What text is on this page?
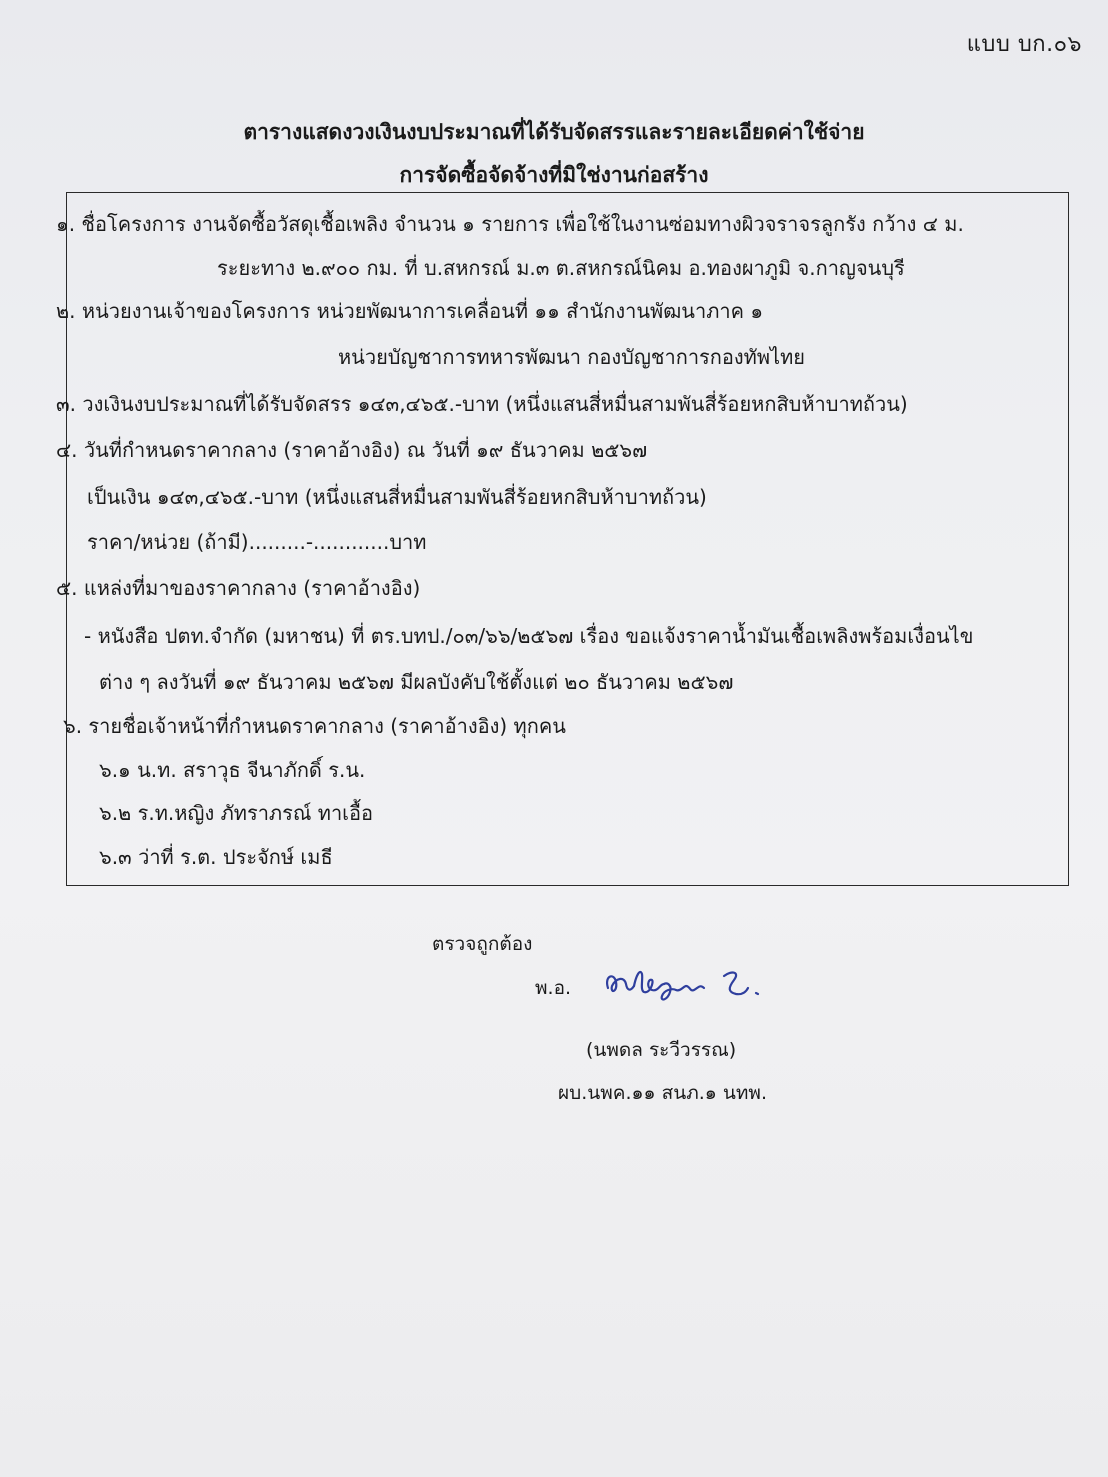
แบบ บก.๐๖
ตารางแสดงวงเงินงบประมาณที่ได้รับจัดสรรและรายละเอียดค่าใช้จ่าย
การจัดซื้อจัดจ้างที่มิใช่งานก่อสร้าง
๑. ชื่อโครงการ งานจัดซื้อวัสดุเชื้อเพลิง จำนวน ๑ รายการ เพื่อใช้ในงานซ่อมทางผิวจราจรลูกรัง กว้าง ๔ ม.
ระยะทาง ๒.๙๐๐ กม. ที่ บ.สหกรณ์ ม.๓ ต.สหกรณ์นิคม อ.ทองผาภูมิ จ.กาญจนบุรี
๒. หน่วยงานเจ้าของโครงการ หน่วยพัฒนาการเคลื่อนที่ ๑๑ สำนักงานพัฒนาภาค ๑
หน่วยบัญชาการทหารพัฒนา กองบัญชาการกองทัพไทย
๓. วงเงินงบประมาณที่ได้รับจัดสรร ๑๔๓,๔๖๕.-บาท (หนึ่งแสนสี่หมื่นสามพันสี่ร้อยหกสิบห้าบาทถ้วน)
๔. วันที่กำหนดราคากลาง (ราคาอ้างอิง) ณ วันที่ ๑๙ ธันวาคม ๒๕๖๗
เป็นเงิน ๑๔๓,๔๖๕.-บาท (หนึ่งแสนสี่หมื่นสามพันสี่ร้อยหกสิบห้าบาทถ้วน)
ราคา/หน่วย (ถ้ามี).........-............บาท
๕. แหล่งที่มาของราคากลาง (ราคาอ้างอิง)
- หนังสือ ปตท.จำกัด (มหาชน) ที่ ตร.บทป./๐๓/๖๖/๒๕๖๗ เรื่อง ขอแจ้งราคาน้ำมันเชื้อเพลิงพร้อมเงื่อนไข
ต่าง ๆ ลงวันที่ ๑๙ ธันวาคม ๒๕๖๗ มีผลบังคับใช้ตั้งแต่ ๒๐ ธันวาคม ๒๕๖๗
๖. รายชื่อเจ้าหน้าที่กำหนดราคากลาง (ราคาอ้างอิง) ทุกคน
๖.๑ น.ท. สราวุธ จีนาภักดิ์ ร.น.
๖.๒ ร.ท.หญิง ภัทราภรณ์ ทาเอื้อ
๖.๓ ว่าที่ ร.ต. ประจักษ์ เมธี
ตรวจถูกต้อง
พ.อ.
(นพดล ระวีวรรณ)
ผบ.นพค.๑๑ สนภ.๑ นทพ.
